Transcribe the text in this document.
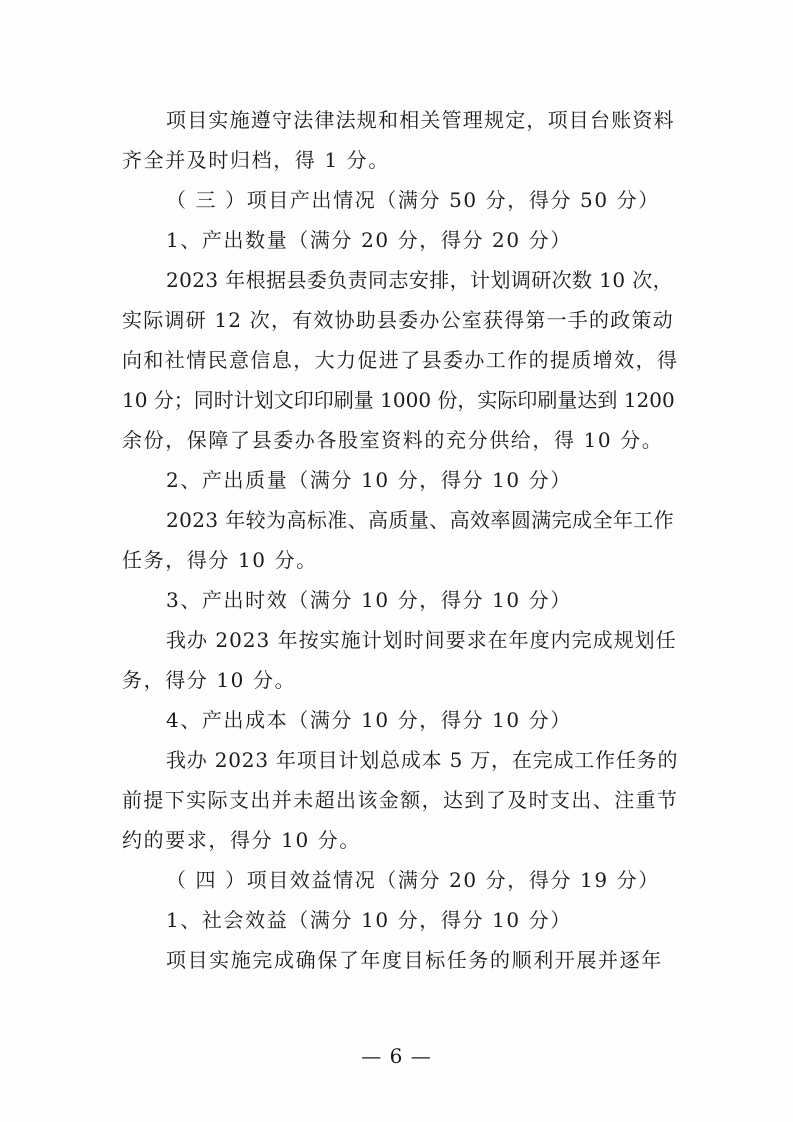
项目实施遵守法律法规和相关管理规定，项目台账资料
齐全并及时归档，得 1 分。
（ 三 ）项目产出情况（满分 50 分，得分 50 分）
1、产出数量（满分 20 分，得分 20 分）
2023 年根据县委负责同志安排，计划调研次数 10 次，
实际调研 12 次，有效协助县委办公室获得第一手的政策动
向和社情民意信息，大力促进了县委办工作的提质增效，得
10 分；同时计划文印印刷量 1000 份，实际印刷量达到 1200
余份，保障了县委办各股室资料的充分供给，得 10 分。
2、产出质量（满分 10 分，得分 10 分）
2023 年较为高标准、高质量、高效率圆满完成全年工作
任务，得分 10 分。
3、产出时效（满分 10 分，得分 10 分）
我办 2023 年按实施计划时间要求在年度内完成规划任
务，得分 10 分。
4、产出成本（满分 10 分，得分 10 分）
我办 2023 年项目计划总成本 5 万，在完成工作任务的
前提下实际支出并未超出该金额，达到了及时支出、注重节
约的要求，得分 10 分。
（ 四 ）项目效益情况（满分 20 分，得分 19 分）
1、社会效益（满分 10 分，得分 10 分）
项目实施完成确保了年度目标任务的顺利开展并逐年
— 6 —
